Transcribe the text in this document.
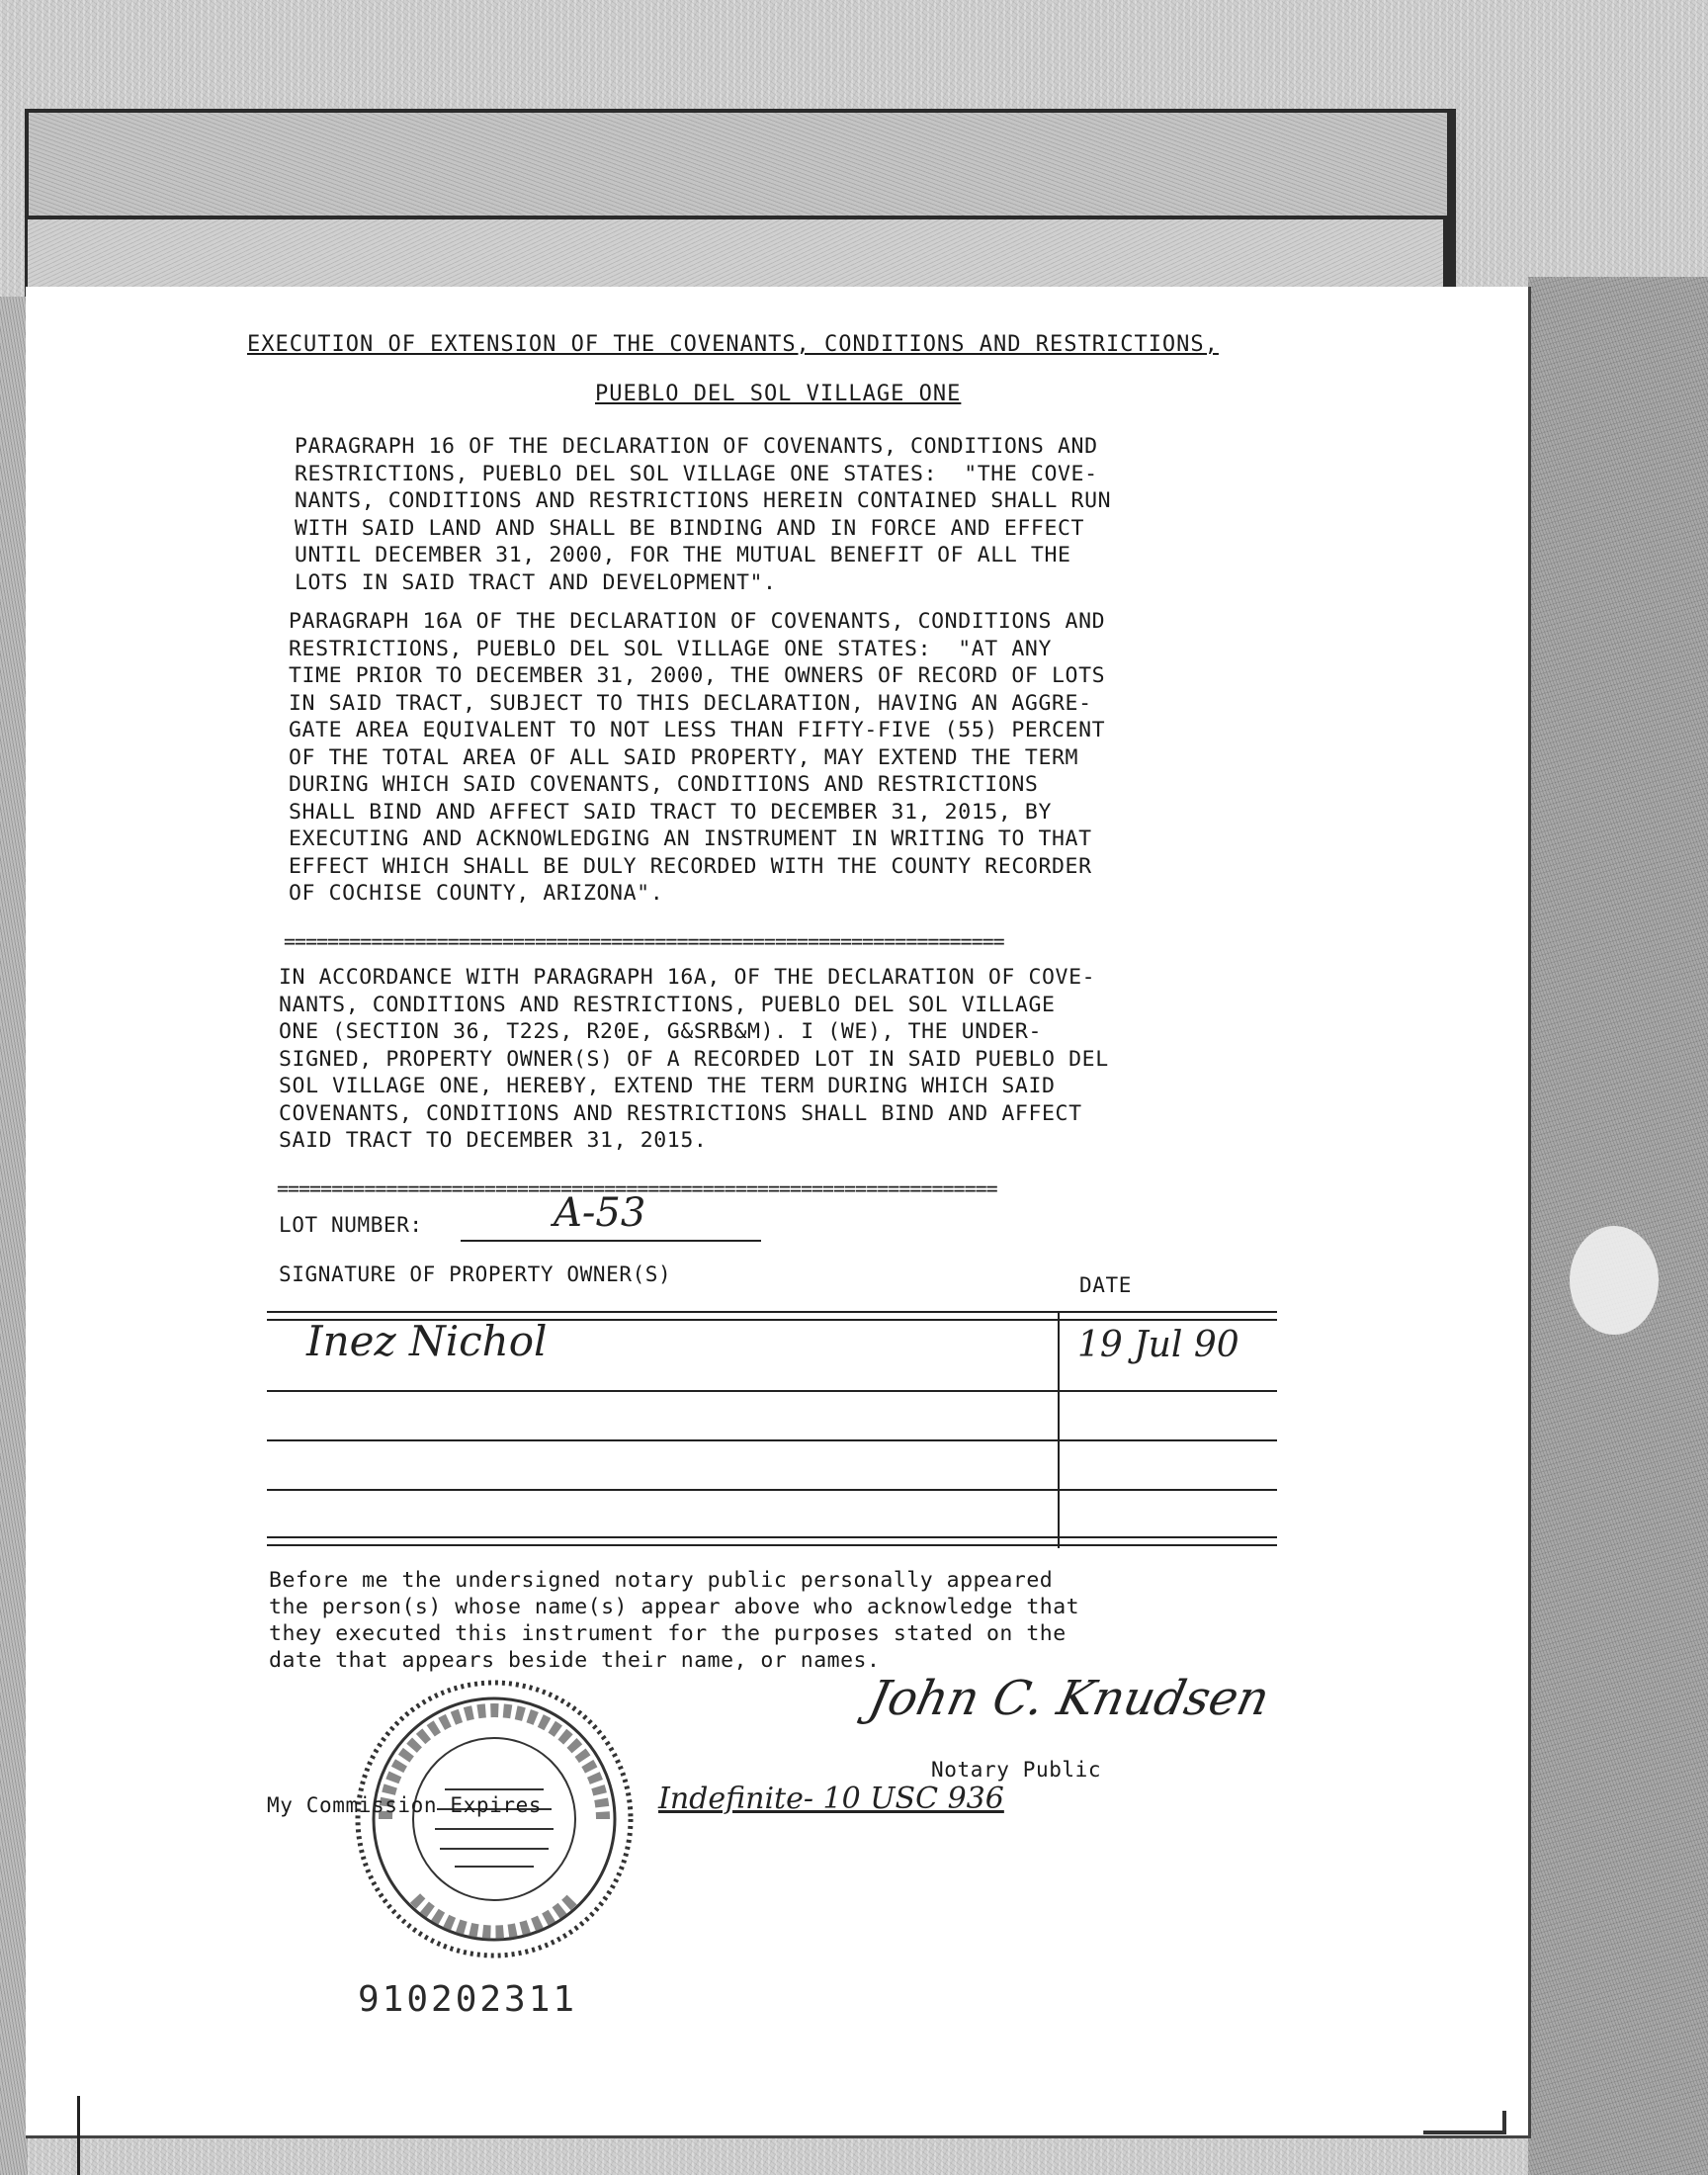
EXECUTION OF EXTENSION OF THE COVENANTS, CONDITIONS AND RESTRICTIONS,
PUEBLO DEL SOL VILLAGE ONE
PARAGRAPH 16 OF THE DECLARATION OF COVENANTS, CONDITIONS AND
RESTRICTIONS, PUEBLO DEL SOL VILLAGE ONE STATES:  "THE COVE-
NANTS, CONDITIONS AND RESTRICTIONS HEREIN CONTAINED SHALL RUN
WITH SAID LAND AND SHALL BE BINDING AND IN FORCE AND EFFECT
UNTIL DECEMBER 31, 2000, FOR THE MUTUAL BENEFIT OF ALL THE
LOTS IN SAID TRACT AND DEVELOPMENT".
PARAGRAPH 16A OF THE DECLARATION OF COVENANTS, CONDITIONS AND
RESTRICTIONS, PUEBLO DEL SOL VILLAGE ONE STATES:  "AT ANY
TIME PRIOR TO DECEMBER 31, 2000, THE OWNERS OF RECORD OF LOTS
IN SAID TRACT, SUBJECT TO THIS DECLARATION, HAVING AN AGGRE-
GATE AREA EQUIVALENT TO NOT LESS THAN FIFTY-FIVE (55) PERCENT
OF THE TOTAL AREA OF ALL SAID PROPERTY, MAY EXTEND THE TERM
DURING WHICH SAID COVENANTS, CONDITIONS AND RESTRICTIONS
SHALL BIND AND AFFECT SAID TRACT TO DECEMBER 31, 2015, BY
EXECUTING AND ACKNOWLEDGING AN INSTRUMENT IN WRITING TO THAT
EFFECT WHICH SHALL BE DULY RECORDED WITH THE COUNTY RECORDER
OF COCHISE COUNTY, ARIZONA".
==================================================================
IN ACCORDANCE WITH PARAGRAPH 16A, OF THE DECLARATION OF COVE-
NANTS, CONDITIONS AND RESTRICTIONS, PUEBLO DEL SOL VILLAGE
ONE (SECTION 36, T22S, R20E, G&SRB&M). I (WE), THE UNDER-
SIGNED, PROPERTY OWNER(S) OF A RECORDED LOT IN SAID PUEBLO DEL
SOL VILLAGE ONE, HEREBY, EXTEND THE TERM DURING WHICH SAID
COVENANTS, CONDITIONS AND RESTRICTIONS SHALL BIND AND AFFECT
SAID TRACT TO DECEMBER 31, 2015.
==================================================================
LOT NUMBER:	A-53
SIGNATURE OF PROPERTY OWNER(S)	DATE
Inez Nichol	19 Jul 90
Before me the undersigned notary public personally appeared
the person(s) whose name(s) appear above who acknowledge that
they executed this instrument for the purposes stated on the
date that appears beside their name, or names.
John C. Knudsen
Notary Public
My Commission Expires	Indefinite- 10 USC 936
910202311
